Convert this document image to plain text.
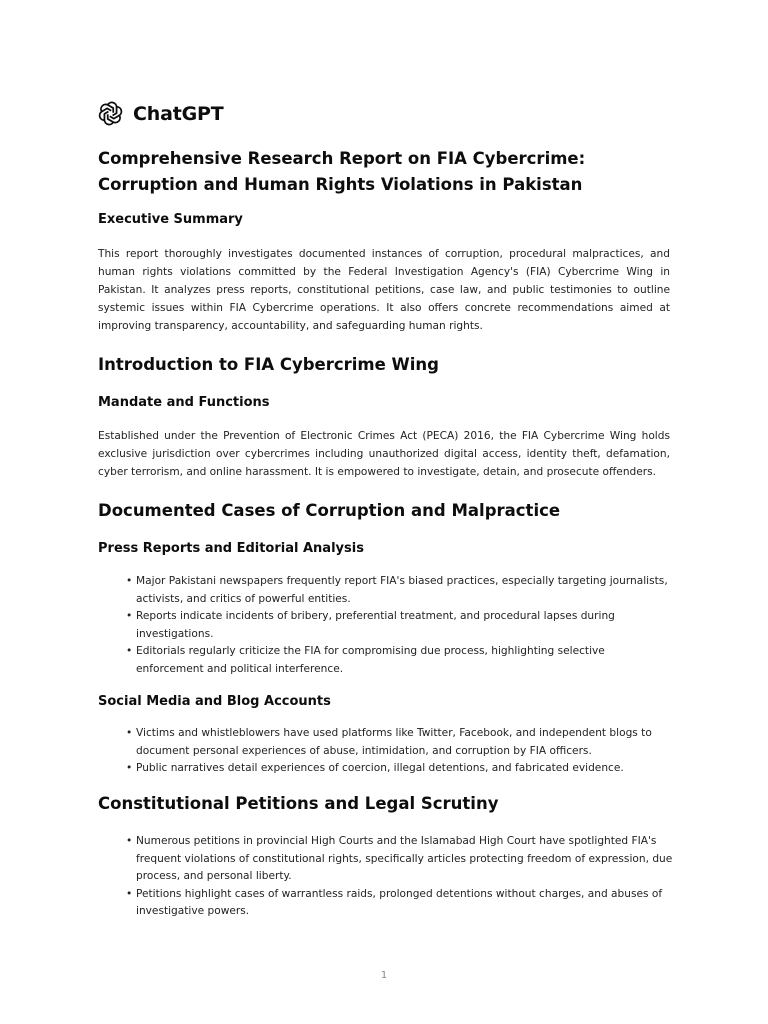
ChatGPT
Comprehensive Research Report on FIA Cybercrime: Corruption and Human Rights Violations in Pakistan
Executive Summary

This report thoroughly investigates documented instances of corruption, procedural malpractices, and human rights violations committed by the Federal Investigation Agency's (FIA) Cybercrime Wing in Pakistan. It analyzes press reports, constitutional petitions, case law, and public testimonies to outline systemic issues within FIA Cybercrime operations. It also offers concrete recommendations aimed at improving transparency, accountability, and safeguarding human rights.

Introduction to FIA Cybercrime Wing
Mandate and Functions

Established under the Prevention of Electronic Crimes Act (PECA) 2016, the FIA Cybercrime Wing holds exclusive jurisdiction over cybercrimes including unauthorized digital access, identity theft, defamation, cyber terrorism, and online harassment. It is empowered to investigate, detain, and prosecute offenders.

Documented Cases of Corruption and Malpractice
Press Reports and Editorial Analysis
• Major Pakistani newspapers frequently report FIA's biased practices, especially targeting journalists, activists, and critics of powerful entities.
• Reports indicate incidents of bribery, preferential treatment, and procedural lapses during investigations.
• Editorials regularly criticize the FIA for compromising due process, highlighting selective enforcement and political interference.
Social Media and Blog Accounts
• Victims and whistleblowers have used platforms like Twitter, Facebook, and independent blogs to document personal experiences of abuse, intimidation, and corruption by FIA officers.
• Public narratives detail experiences of coercion, illegal detentions, and fabricated evidence.
Constitutional Petitions and Legal Scrutiny
• Numerous petitions in provincial High Courts and the Islamabad High Court have spotlighted FIA's frequent violations of constitutional rights, specifically articles protecting freedom of expression, due process, and personal liberty.
• Petitions highlight cases of warrantless raids, prolonged detentions without charges, and abuses of investigative powers.
1
